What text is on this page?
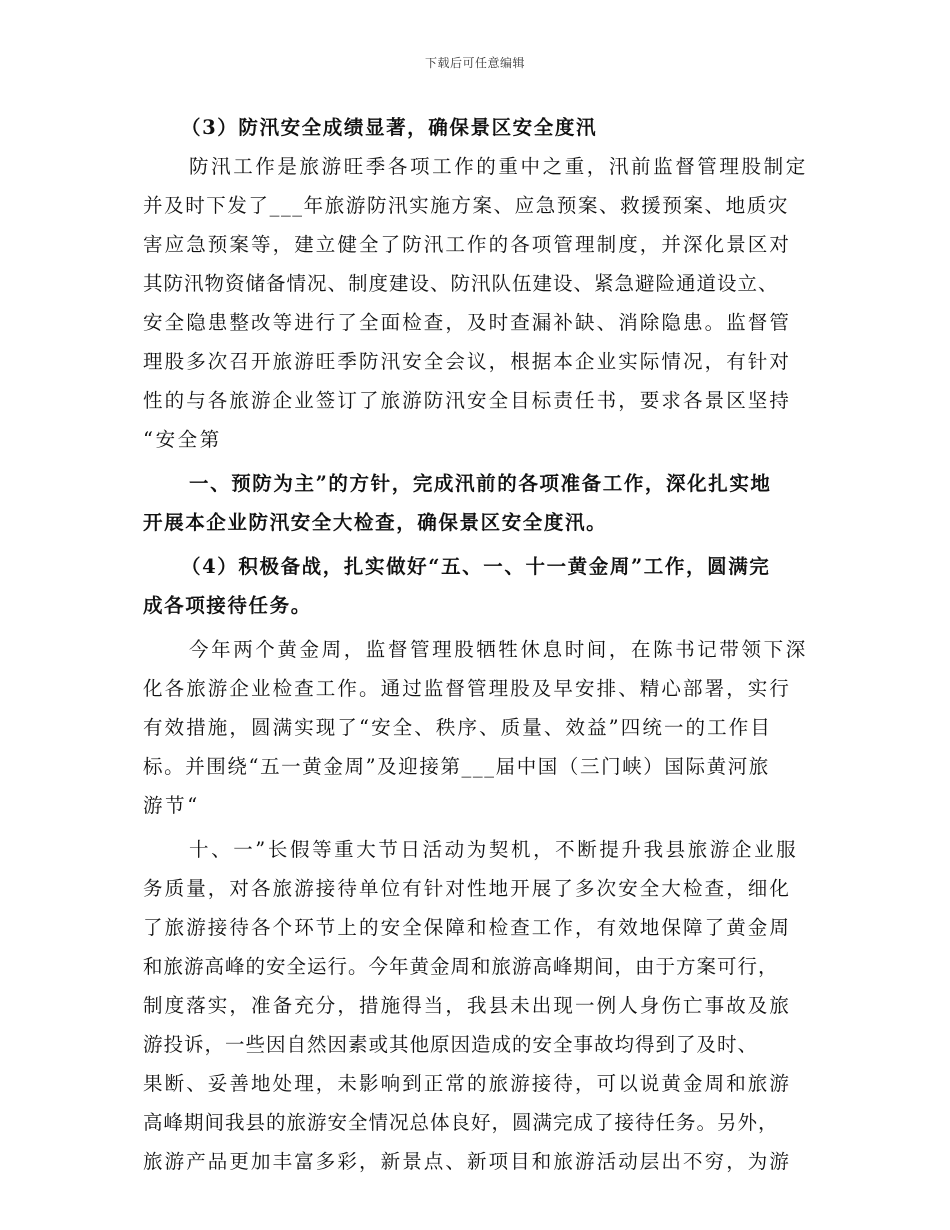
下载后可任意编辑
（3）防汛安全成绩显著，确保景区安全度汛
防汛工作是旅游旺季各项工作的重中之重，汛前监督管理股制定
并及时下发了___年旅游防汛实施方案、应急预案、救援预案、地质灾
害应急预案等，建立健全了防汛工作的各项管理制度，并深化景区对
其防汛物资储备情况、制度建设、防汛队伍建设、紧急避险通道设立、
安全隐患整改等进行了全面检查，及时查漏补缺、消除隐患。监督管
理股多次召开旅游旺季防汛安全会议，根据本企业实际情况，有针对
性的与各旅游企业签订了旅游防汛安全目标责任书，要求各景区坚持
“安全第
一、预防为主”的方针，完成汛前的各项准备工作，深化扎实地
开展本企业防汛安全大检查，确保景区安全度汛。
（4）积极备战，扎实做好“五、一、十一黄金周”工作，圆满完
成各项接待任务。
今年两个黄金周，监督管理股牺牲休息时间，在陈书记带领下深
化各旅游企业检查工作。通过监督管理股及早安排、精心部署，实行
有效措施，圆满实现了“安全、秩序、质量、效益”四统一的工作目
标。并围绕“五一黄金周”及迎接第___届中国（三门峡）国际黄河旅
游节“
十、一”长假等重大节日活动为契机，不断提升我县旅游企业服
务质量，对各旅游接待单位有针对性地开展了多次安全大检查，细化
了旅游接待各个环节上的安全保障和检查工作，有效地保障了黄金周
和旅游高峰的安全运行。今年黄金周和旅游高峰期间，由于方案可行，
制度落实，准备充分，措施得当，我县未出现一例人身伤亡事故及旅
游投诉，一些因自然因素或其他原因造成的安全事故均得到了及时、
果断、妥善地处理，未影响到正常的旅游接待，可以说黄金周和旅游
高峰期间我县的旅游安全情况总体良好，圆满完成了接待任务。另外，
旅游产品更加丰富多彩，新景点、新项目和旅游活动层出不穷，为游
